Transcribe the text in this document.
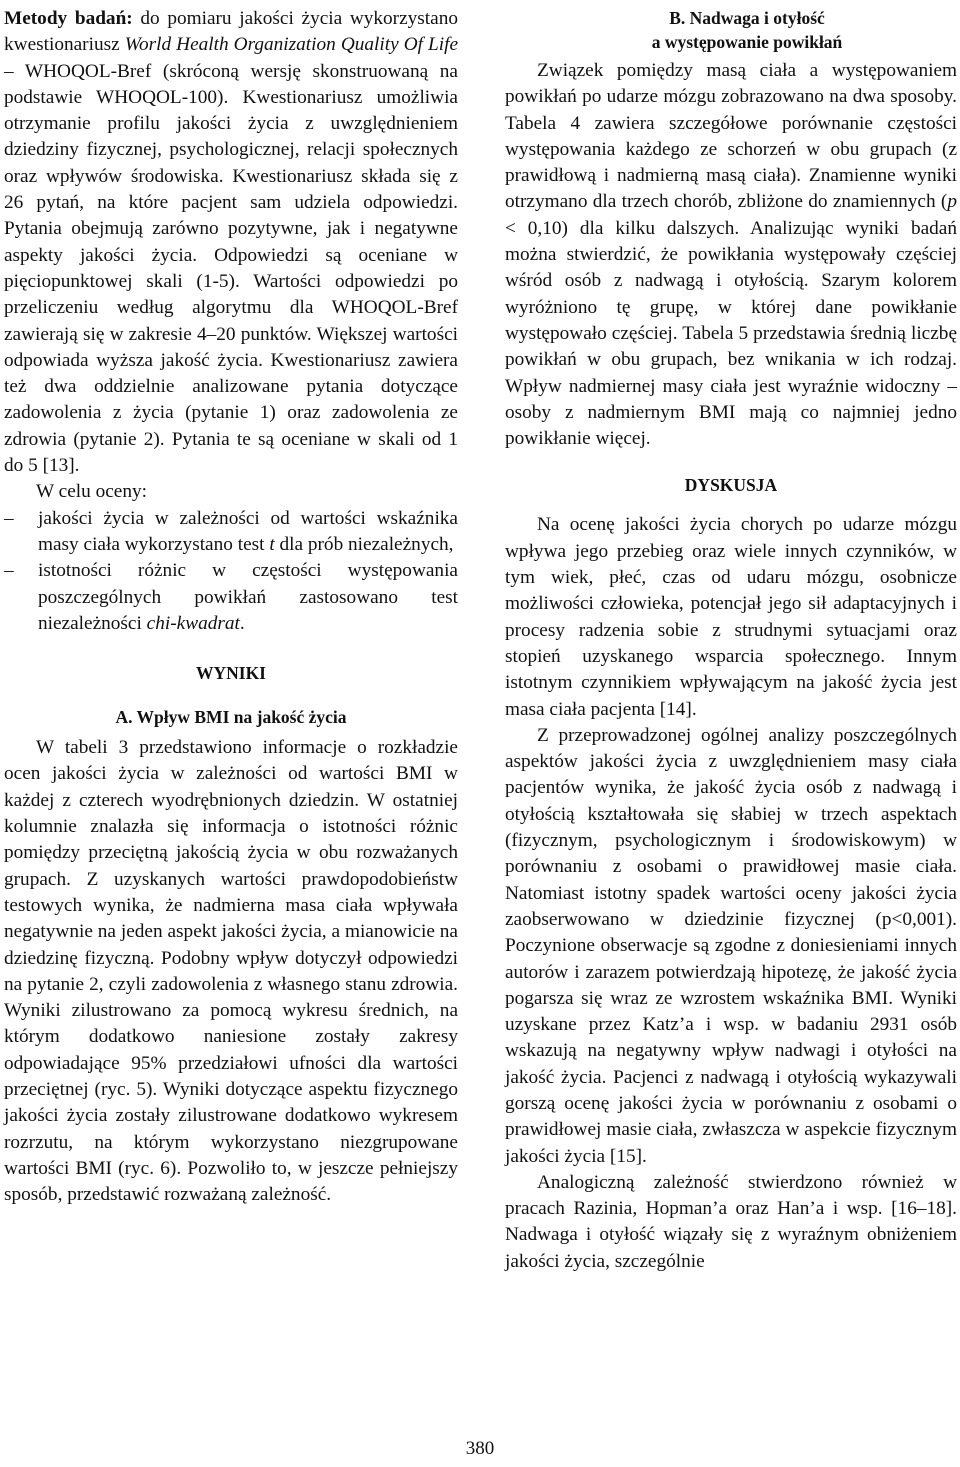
Metody badań: do pomiaru jakości życia wykorzystano kwestionariusz World Health Organization Quality Of Life – WHOQOL-Bref (skróconą wersję skonstruowaną na podstawie WHOQOL-100). Kwestionariusz umożliwia otrzymanie profilu jakości życia z uwzględnieniem dziedziny fizycznej, psychologicznej, relacji społecznych oraz wpływów środowiska. Kwestionariusz składa się z 26 pytań, na które pacjent sam udziela odpowiedzi. Pytania obejmują zarówno pozytywne, jak i negatywne aspekty jakości życia. Odpowiedzi są oceniane w pięciopunktowej skali (1-5). Wartości odpowiedzi po przeliczeniu według algorytmu dla WHOQOL-Bref zawierają się w zakresie 4–20 punktów. Większej wartości odpowiada wyższa jakość życia. Kwestionariusz zawiera też dwa oddzielnie analizowane pytania dotyczące zadowolenia z życia (pytanie 1) oraz zadowolenia ze zdrowia (pytanie 2). Pytania te są oceniane w skali od 1 do 5 [13].

W celu oceny:

– jakości życia w zależności od wartości wskaźnika masy ciała wykorzystano test t dla prób niezależnych,
– istotności różnic w częstości występowania poszczególnych powikłań zastosowano test niezależności chi-kwadrat.

WYNIKI

A. Wpływ BMI na jakość życia

W tabeli 3 przedstawiono informacje o rozkładzie ocen jakości życia w zależności od wartości BMI w każdej z czterech wyodrębnionych dziedzin. W ostatniej kolumnie znalazła się informacja o istotności różnic pomiędzy przeciętną jakością życia w obu rozważanych grupach. Z uzyskanych wartości prawdopodobieństw testowych wynika, że nadmierna masa ciała wpływała negatywnie na jeden aspekt jakości życia, a mianowicie na dziedzinę fizyczną. Podobny wpływ dotyczył odpowiedzi na pytanie 2, czyli zadowolenia z własnego stanu zdrowia. Wyniki zilustrowano za pomocą wykresu średnich, na którym dodatkowo naniesione zostały zakresy odpowiadające 95% przedziałowi ufności dla wartości przeciętnej (ryc. 5). Wyniki dotyczące aspektu fizycznego jakości życia zostały zilustrowane dodatkowo wykresem rozrzutu, na którym wykorzystano niezgrupowane wartości BMI (ryc. 6). Pozwoliło to, w jeszcze pełniejszy sposób, przedstawić rozważaną zależność.

B. Nadwaga i otyłość

a występowanie powikłań

Związek pomiędzy masą ciała a występowaniem powikłań po udarze mózgu zobrazowano na dwa sposoby. Tabela 4 zawiera szczegółowe porównanie częstości występowania każdego ze schorzeń w obu grupach (z prawidłową i nadmierną masą ciała). Znamienne wyniki otrzymano dla trzech chorób, zbliżone do znamiennych (p < 0,10) dla kilku dalszych. Analizując wyniki badań można stwierdzić, że powikłania występowały częściej wśród osób z nadwagą i otyłością. Szarym kolorem wyróżniono tę grupę, w której dane powikłanie występowało częściej. Tabela 5 przedstawia średnią liczbę powikłań w obu grupach, bez wnikania w ich rodzaj. Wpływ nadmiernej masy ciała jest wyraźnie widoczny – osoby z nadmiernym BMI mają co najmniej jedno powikłanie więcej.

DYSKUSJA

Na ocenę jakości życia chorych po udarze mózgu wpływa jego przebieg oraz wiele innych czynników, w tym wiek, płeć, czas od udaru mózgu, osobnicze możliwości człowieka, potencjał jego sił adaptacyjnych i procesy radzenia sobie z strudnymi sytuacjami oraz stopień uzyskanego wsparcia społecznego. Innym istotnym czynnikiem wpływającym na jakość życia jest masa ciała pacjenta [14].

Z przeprowadzonej ogólnej analizy poszczególnych aspektów jakości życia z uwzględnieniem masy ciała pacjentów wynika, że jakość życia osób z nadwagą i otyłością kształtowała się słabiej w trzech aspektach (fizycznym, psychologicznym i środowiskowym) w porównaniu z osobami o prawidłowej masie ciała. Natomiast istotny spadek wartości oceny jakości życia zaobserwowano w dziedzinie fizycznej (p<0,001). Poczynione obserwacje są zgodne z doniesieniami innych autorów i zarazem potwierdzają hipotezę, że jakość życia pogarsza się wraz ze wzrostem wskaźnika BMI. Wyniki uzyskane przez Katz’a i wsp. w badaniu 2931 osób wskazują na negatywny wpływ nadwagi i otyłości na jakość życia. Pacjenci z nadwagą i otyłością wykazywali gorszą ocenę jakości życia w porównaniu z osobami o prawidłowej masie ciała, zwłaszcza w aspekcie fizycznym jakości życia [15].

Analogiczną zależność stwierdzono również w pracach Razinia, Hopman’a oraz Han’a i wsp. [16–18]. Nadwaga i otyłość wiązały się z wyraźnym obniżeniem jakości życia, szczególnie

380
